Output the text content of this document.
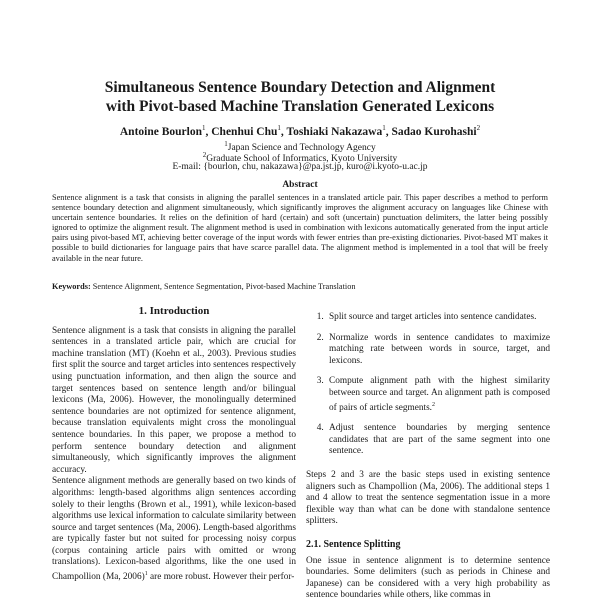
Simultaneous Sentence Boundary Detection and Alignment
with Pivot-based Machine Translation Generated Lexicons
Antoine Bourlon$^1$, Chenhui Chu$^1$, Toshiaki Nakazawa$^1$, Sadao Kurohashi$^2$
$^1$Japan Science and Technology Agency
$^2$Graduate School of Informatics, Kyoto University
E-mail: {bourlon, chu, nakazawa}@pa.jst.jp, kuro@i.kyoto-u.ac.jp
Abstract

Sentence alignment is a task that consists in aligning the parallel sentences in a translated article pair. This paper describes a method to perform sentence boundary detection and alignment simultaneously, which significantly improves the alignment accuracy on languages like Chinese with uncertain sentence boundaries. It relies on the definition of hard (certain) and soft (uncertain) punctuation delimiters, the latter being possibly ignored to optimize the alignment result. The alignment method is used in combination with lexicons automatically generated from the input article pairs using pivot-based MT, achieving better coverage of the input words with fewer entries than pre-existing dictionaries. Pivot-based MT makes it possible to build dictionaries for language pairs that have scarce parallel data. The alignment method is implemented in a tool that will be freely available in the near future.

Keywords: Sentence Alignment, Sentence Segmentation, Pivot-based Machine Translation
1. Introduction

Sentence alignment is a task that consists in aligning the parallel sentences in a translated article pair, which are crucial for machine translation (MT) (Koehn et al., 2003). Previous studies first split the source and target articles into sentences respectively using punctuation information, and then align the source and target sentences based on sentence length and/or bilingual lexicons (Ma, 2006). However, the monolingually determined sentence boundaries are not optimized for sentence alignment, because translation equivalents might cross the monolingual sentence boundaries. In this paper, we propose a method to perform sentence boundary detection and alignment simultaneously, which significantly improves the alignment accuracy.

Sentence alignment methods are generally based on two kinds of algorithms: length-based algorithms align sentences according solely to their lengths (Brown et al., 1991), while lexicon-based algorithms use lexical information to calculate similarity between source and target sentences (Ma, 2006). Length-based algorithms are typically faster but not suited for processing noisy corpus (corpus containing article pairs with omitted or wrong translations). Lexicon-based algorithms, like the one used in Champollion (Ma, 2006)$^1$ are more robust. However their perfor-

1. Split source and target articles into sentence candidates.
2. Normalize words in sentence candidates to maximize matching rate between words in source, target, and lexicons.
3. Compute alignment path with the highest similarity between source and target. An alignment path is composed of pairs of article segments.$^2$
4. Adjust sentence boundaries by merging sentence candidates that are part of the same segment into one sentence.

Steps 2 and 3 are the basic steps used in existing sentence aligners such as Champollion (Ma, 2006). The additional steps 1 and 4 allow to treat the sentence segmentation issue in a more flexible way than what can be done with standalone sentence splitters.

2.1. Sentence Splitting

One issue in sentence alignment is to determine sentence boundaries. Some delimiters (such as periods in Chinese and Japanese) can be considered with a very high probability as sentence boundaries while others, like commas in
